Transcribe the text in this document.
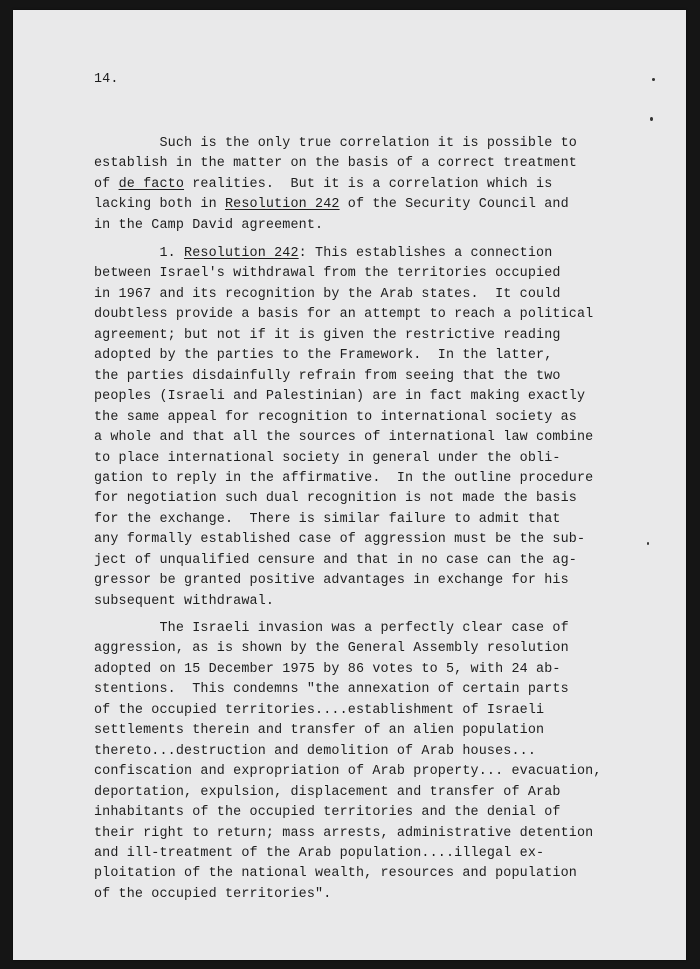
14.

Such is the only true correlation it is possible to
establish in the matter on the basis of a correct treatment
of de facto realities.  But it is a correlation which is
lacking both in Resolution 242 of the Security Council and
in the Camp David agreement.
1. Resolution 242: This establishes a connection
between Israel's withdrawal from the territories occupied
in 1967 and its recognition by the Arab states.  It could
doubtless provide a basis for an attempt to reach a political
agreement; but not if it is given the restrictive reading
adopted by the parties to the Framework.  In the latter,
the parties disdainfully refrain from seeing that the two
peoples (Israeli and Palestinian) are in fact making exactly
the same appeal for recognition to international society as
a whole and that all the sources of international law combine
to place international society in general under the obli-
gation to reply in the affirmative.  In the outline procedure
for negotiation such dual recognition is not made the basis
for the exchange.  There is similar failure to admit that
any formally established case of aggression must be the sub-
ject of unqualified censure and that in no case can the ag-
gressor be granted positive advantages in exchange for his
subsequent withdrawal.
The Israeli invasion was a perfectly clear case of
aggression, as is shown by the General Assembly resolution
adopted on 15 December 1975 by 86 votes to 5, with 24 ab-
stentions.  This condemns "the annexation of certain parts
of the occupied territories....establishment of Israeli
settlements therein and transfer of an alien population
thereto...destruction and demolition of Arab houses...
confiscation and expropriation of Arab property... evacuation,
deportation, expulsion, displacement and transfer of Arab
inhabitants of the occupied territories and the denial of
their right to return; mass arrests, administrative detention
and ill-treatment of the Arab population....illegal ex-
ploitation of the national wealth, resources and population
of the occupied territories".
